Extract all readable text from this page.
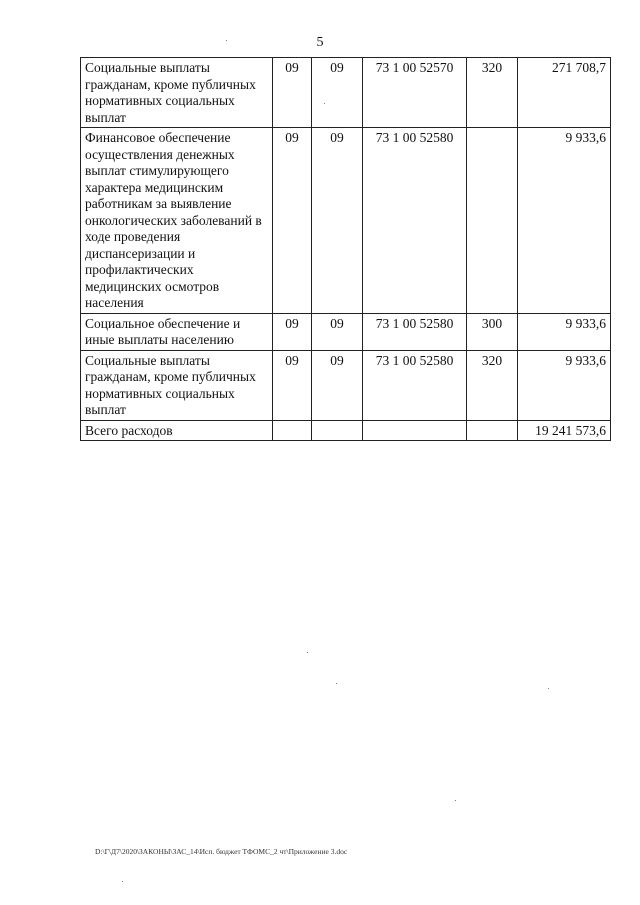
5
Социальные выплаты гражданам, кроме публичных нормативных социальных выплат	09	09	73 1 00 52570	320	271 708,7
Финансовое обеспечение осуществления денежных выплат стимулирующего характера медицинским работникам за выявление онкологических заболеваний в ходе проведения диспансеризации и профилактических медицинских осмотров населения	09	09	73 1 00 52580		9 933,6
Социальное обеспечение и иные выплаты населению	09	09	73 1 00 52580	300	9 933,6
Социальные выплаты гражданам, кроме публичных нормативных социальных выплат	09	09	73 1 00 52580	320	9 933,6
Всего расходов					19 241 573,6
D:\Г\Д7\2020\ЗАКОНЫ\ЗАС_14\Исп. бюджет ТФОМС_2 чт\Приложение 3.doc
